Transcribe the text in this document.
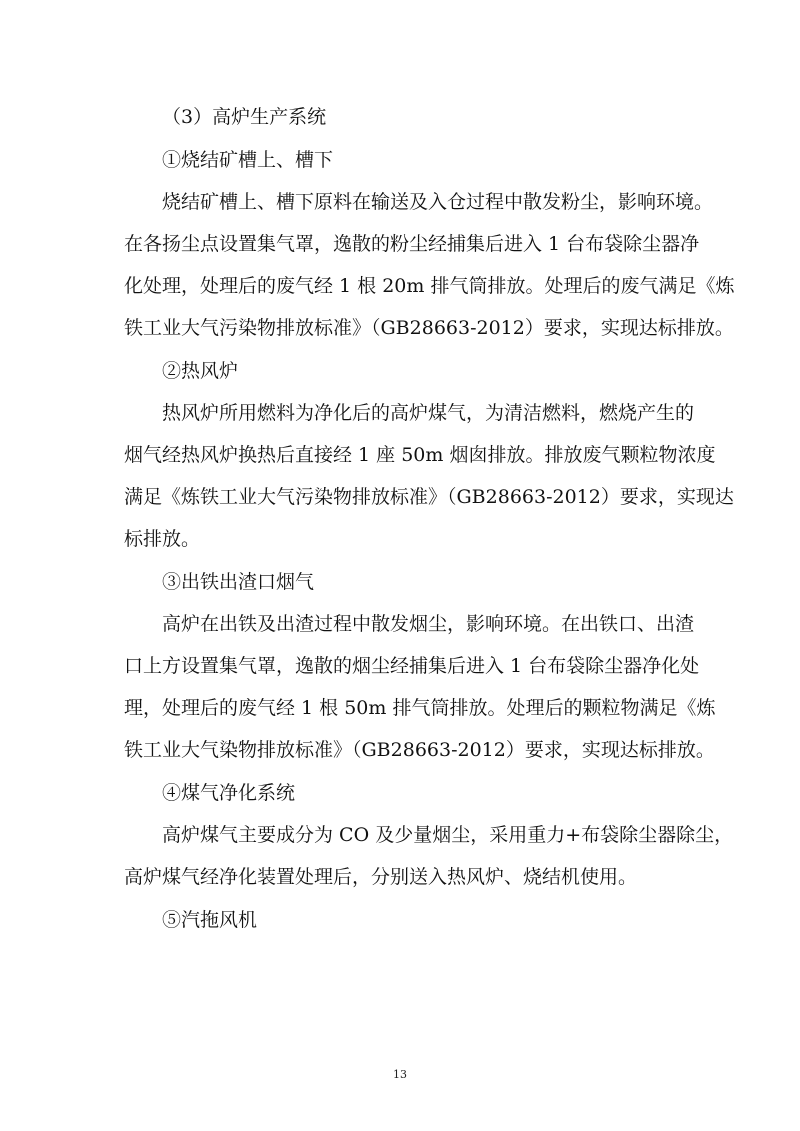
（3）高炉生产系统
①烧结矿槽上、槽下
烧结矿槽上、槽下原料在输送及入仓过程中散发粉尘，影响环境。
在各扬尘点设置集气罩，逸散的粉尘经捕集后进入 1 台布袋除尘器净
化处理，处理后的废气经 1 根 20m 排气筒排放。处理后的废气满足《炼
铁工业大气污染物排放标准》（GB28663-2012）要求，实现达标排放。
②热风炉
热风炉所用燃料为净化后的高炉煤气，为清洁燃料，燃烧产生的
烟气经热风炉换热后直接经 1 座 50m 烟囱排放。排放废气颗粒物浓度
满足《炼铁工业大气污染物排放标准》（GB28663-2012）要求，实现达
标排放。
③出铁出渣口烟气
高炉在出铁及出渣过程中散发烟尘，影响环境。在出铁口、出渣
口上方设置集气罩，逸散的烟尘经捕集后进入 1 台布袋除尘器净化处
理，处理后的废气经 1 根 50m 排气筒排放。处理后的颗粒物满足《炼
铁工业大气染物排放标准》（GB28663-2012）要求，实现达标排放。
④煤气净化系统
高炉煤气主要成分为 CO 及少量烟尘，采用重力+布袋除尘器除尘，
高炉煤气经净化装置处理后，分别送入热风炉、烧结机使用。
⑤汽拖风机
13
